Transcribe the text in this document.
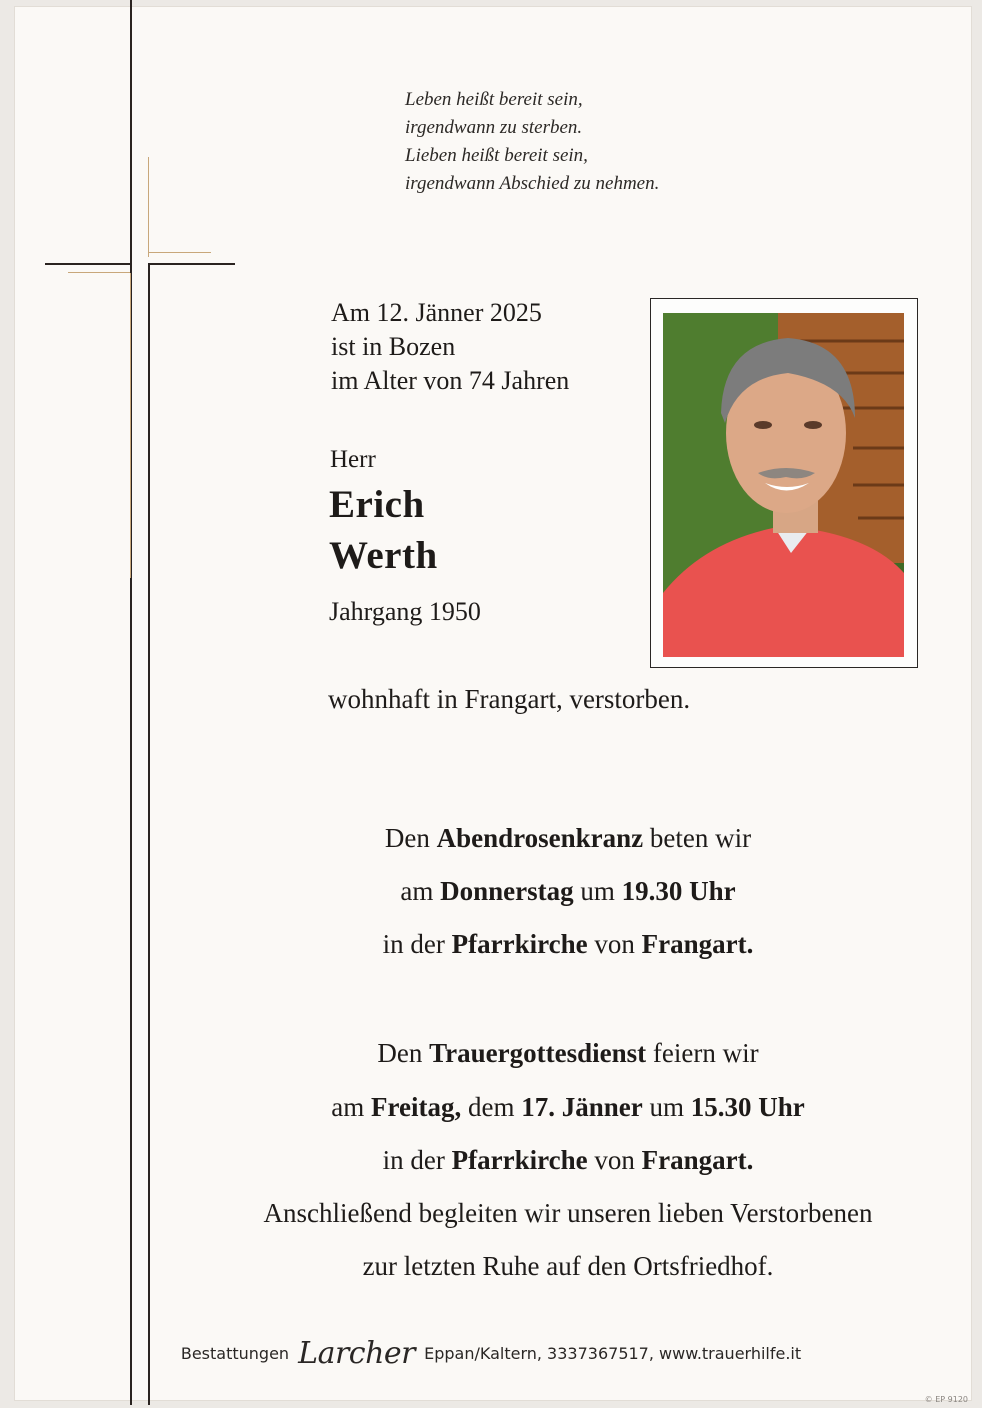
Leben heißt bereit sein,
irgendwann zu sterben.
Lieben heißt bereit sein,
irgendwann Abschied zu nehmen.
Am 12. Jänner 2025
ist in Bozen
im Alter von 74 Jahren
Herr
Erich
Werth
Jahrgang 1950
wohnhaft in Frangart, verstorben.
Den Abendrosenkranz beten wir
am Donnerstag um 19.30 Uhr
in der Pfarrkirche von Frangart.
Den Trauergottesdienst feiern wir
am Freitag, dem 17. Jänner um 15.30 Uhr
in der Pfarrkirche von Frangart.
Anschließend begleiten wir unseren lieben Verstorbenen
zur letzten Ruhe auf den Ortsfriedhof.
Bestattungen Larcher Eppan/Kaltern, 3337367517, www.trauerhilfe.it
© EP 9120
